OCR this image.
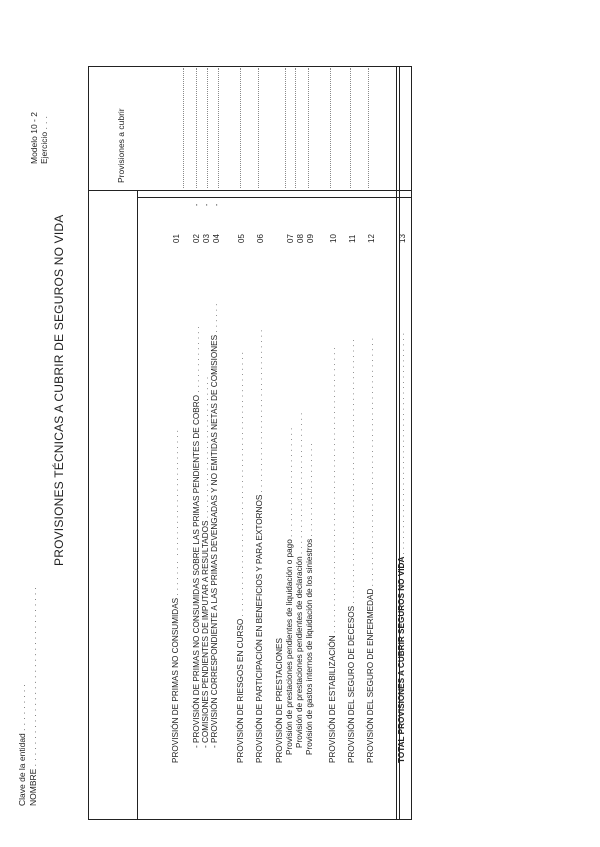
Clave de la entidad . . . . . . . . .
NOMBRE . . . . . . . . . . . . . . . . . . . . . . . . . . . . . . . . .
Modelo 10 - 2 Ejercicio . . .
PROVISIONES TÉCNICAS A CUBRIR DE SEGUROS NO VIDA
Provisiones a cubrir
PROVISIÓN DE PRIMAS NO CONSUMIDAS . . . . . . .  . . . . . . . . . . . . . . . . . . . . . . . . - PROVISIÓN DE PRIMAS NO CONSUMIDAS SOBRE LAS PRIMAS PENDIENTES DE COBRO . . . . . . . . . . . . .
- COMISIONES PENDIENTES DE IMPUTAR A RESULTADOS . . . . . . . . . . . . . . . . . . . . . . . . . . . - PROVISIÓN CORRESPONDIENTE A LAS PRIMAS DEVENGADAS Y NO EMITIDAS NETAS DE COMISIONES . . . . . .
PROVISIÓN DE RIESGOS EN CURSO . . . . . . . . . . . . . . . . . . . . . . . . . . . . . . . . . . . . . . . . . . . . . . . . . .
PROVISIÓN DE PARTICIPACIÓN EN BENEFICIOS Y PARA EXTORNOS . . . . . . . . . . . . . . . . . . . . . . . . . . . . . . .
PROVISIÓN DE PRESTACIONES Provisión de prestaciones pendientes de liquidación o pago . . . . . . . . . . . . . . . . . . . . .
Provisión de prestaciones pendientes de declaración . . . . . . . . . . . . . . . . . . . . . . . . . . .
Provisión de gastos internos de liquidación de los siniestros . . . . . . . . . . . . . . . . . .
PROVISIÓN DE ESTABILIZACIÓN . . . . . . . . . . . . . . . . . . . . . . . . . . . . . . . . . . . . . . . . . . . . . . . . . . . . . .
PROVISIÓN DEL SEGURO DE DECESOS . . . . . . . . . . . . . . . . . . . . . . . . . . . . . . . . . . . . . . . . . . . . . . . . . .
PROVISIÓN DEL SEGURO DE ENFERMEDAD . . . . . . . . . . . . . . . . . . . . . . . . . . . . . . . . . . . . . . . . . . . . . . .
TOTAL PROVISIONES A CUBRIR SEGUROS NO VIDA . . . . . . . . . . . . . . . . . . . . . . . . . . . . . . . . . . . . . . . . . .
01 02 03 04 05 06	07 08 09 10 11 12	13
- - -
